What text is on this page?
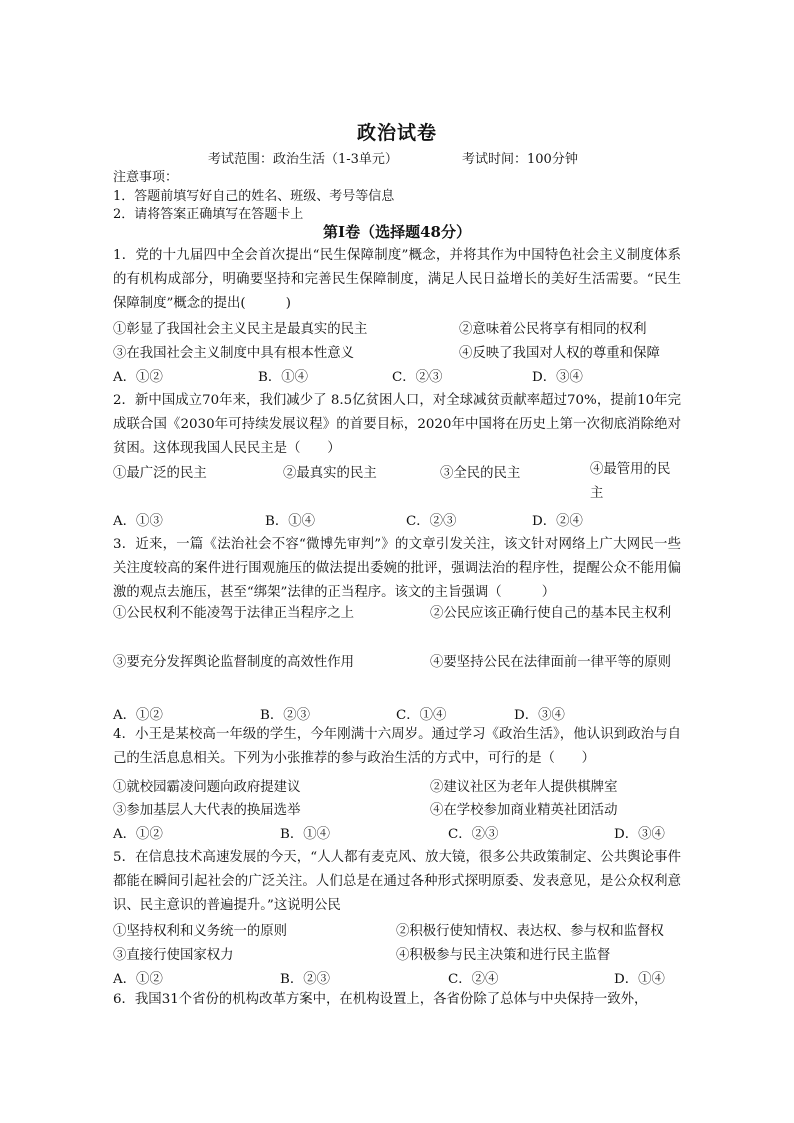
政治试卷
考试范围：政治生活（1-3单元）	考试时间：100分钟
注意事项：
1．答题前填写好自己的姓名、班级、考号等信息
2．请将答案正确填写在答题卡上
第I卷（选择题48分）
1．党的十九届四中全会首次提出“民生保障制度”概念，并将其作为中国特色社会主义制度体系的有机构成部分，明确要坚持和完善民生保障制度，满足人民日益增长的美好生活需要。“民生保障制度”概念的提出(　　　)
①彰显了我国社会主义民主是最真实的民主	②意味着公民将享有相同的权利
③在我国社会主义制度中具有根本性意义	④反映了我国对人权的尊重和保障
A．①②	B．①④	C．②③	D．③④
2．新中国成立70年来，我们减少了 8.5亿贫困人口，对全球减贫贡献率超过70%，提前10年完成联合国《2030年可持续发展议程》的首要目标，2020年中国将在历史上第一次彻底消除绝对贫困。这体现我国人民民主是（　　）
①最广泛的民主	②最真实的民主	③全民的民主	④最管用的民主
A．①③	B．①④	C．②③	D．②④
3．近来，一篇《法治社会不容“微博先审判”》的文章引发关注，该文针对网络上广大网民一些关注度较高的案件进行围观施压的做法提出委婉的批评，强调法治的程序性，提醒公众不能用偏激的观点去施压，甚至“绑架”法律的正当程序。该文的主旨强调（　　　）
①公民权利不能凌驾于法律正当程序之上	②公民应该正确行使自己的基本民主权利
③要充分发挥舆论监督制度的高效性作用	④要坚持公民在法律面前一律平等的原则
A．①②	B．②③	C．①④	D．③④
4．小王是某校高一年级的学生，今年刚满十六周岁。通过学习《政治生活》，他认识到政治与自己的生活息息相关。下列为小张推荐的参与政治生活的方式中，可行的是（　　）
①就校园霸凌问题向政府提建议	②建议社区为老年人提供棋牌室
③参加基层人大代表的换届选举	④在学校参加商业精英社团活动
A．①②	B．①④	C．②③	D．③④
5．在信息技术高速发展的今天，“人人都有麦克风、放大镜，很多公共政策制定、公共舆论事件都能在瞬间引起社会的广泛关注。人们总是在通过各种形式探明原委、发表意见，是公众权利意识、民主意识的普遍提升。”这说明公民
①坚持权利和义务统一的原则	②积极行使知情权、表达权、参与权和监督权
③直接行使国家权力	④积极参与民主决策和进行民主监督
A．①②	B．②③	C．②④	D．①④
6．我国31个省份的机构改革方案中，在机构设置上，各省份除了总体与中央保持一致外，
